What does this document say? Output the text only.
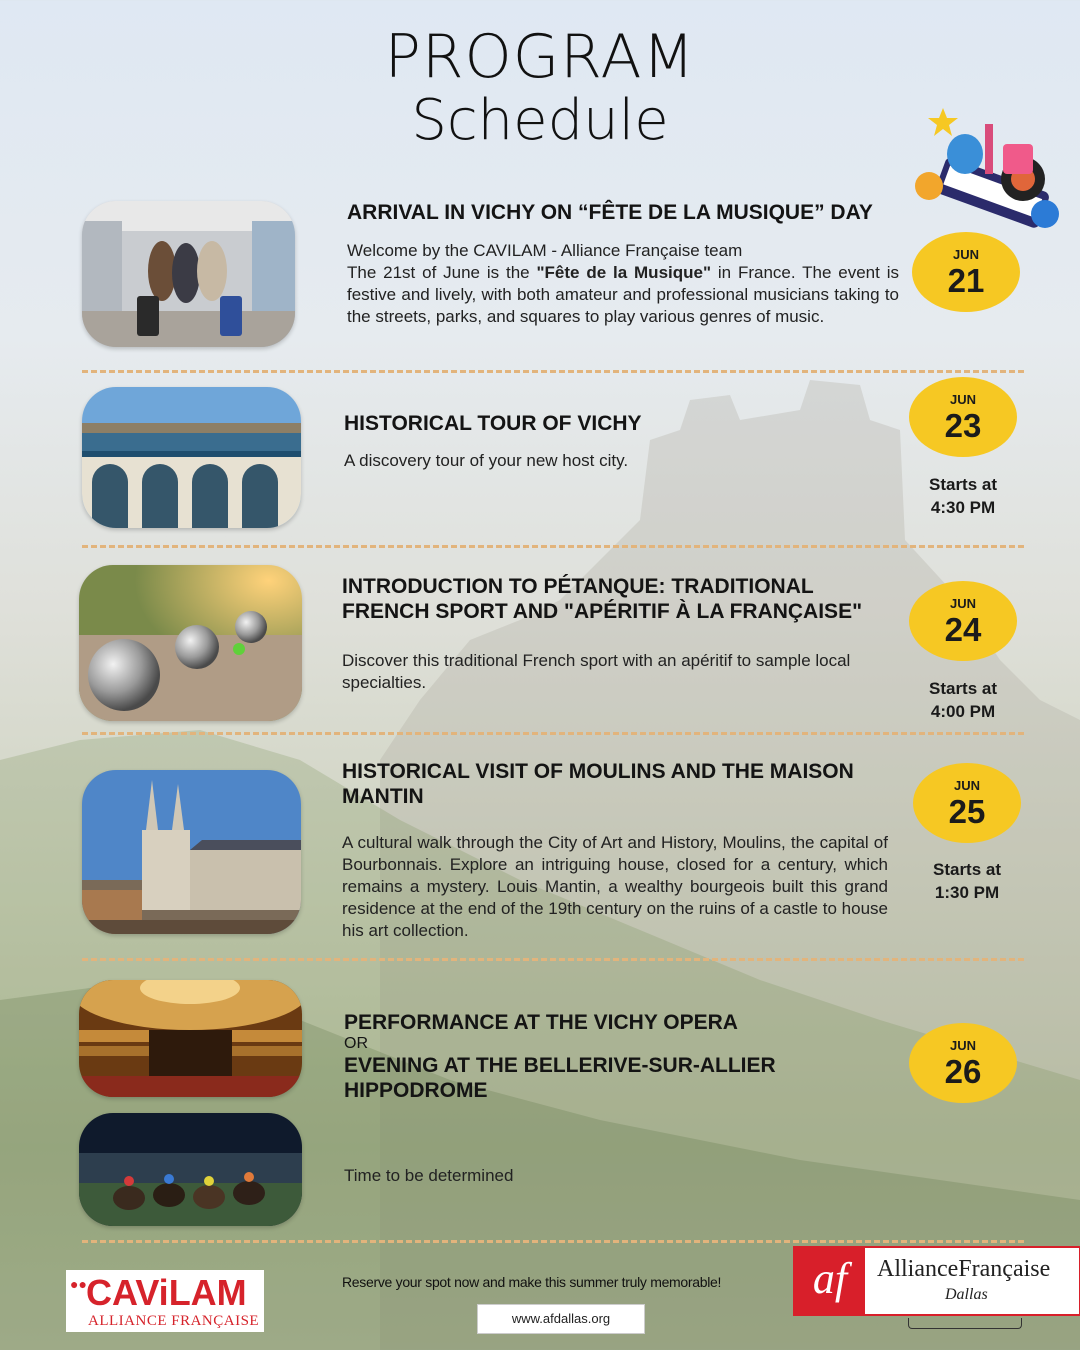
PROGRAM
Schedule
ARRIVAL IN VICHY ON “FÊTE DE LA MUSIQUE” DAY
Welcome by the CAVILAM - Alliance Française team
The 21st of June is the "Fête de la Musique" in France. The event is festive and lively, with both amateur and professional musicians taking to the streets, parks, and squares to play various genres of music.
JUN
21
HISTORICAL TOUR OF VICHY
A discovery tour of your new host city.
JUN
23
Starts at
4:30 PM
INTRODUCTION TO PÉTANQUE: TRADITIONAL
FRENCH SPORT AND "APÉRITIF À LA FRANÇAISE"
Discover this traditional French sport with an apéritif to sample local specialties.
JUN
24
Starts at
4:00 PM
HISTORICAL VISIT OF MOULINS AND THE MAISON
MANTIN
A cultural walk through the City of Art and History, Moulins, the capital of Bourbonnais. Explore an intriguing house, closed for a century, which remains a mystery. Louis Mantin, a wealthy bourgeois built this grand residence at the end of the 19th century on the ruins of a castle to house his art collection.
JUN
25
Starts at
1:30 PM
PERFORMANCE AT THE VICHY OPERA
OR
EVENING AT THE BELLERIVE-SUR-ALLIER
HIPPODROME
Time to be determined
JUN
26
●● CAViLAM
ALLIANCE FRANÇAISE
Reserve your spot now and make this summer truly memorable!
www.afdallas.org
af	AllianceFrançaise
Dallas
